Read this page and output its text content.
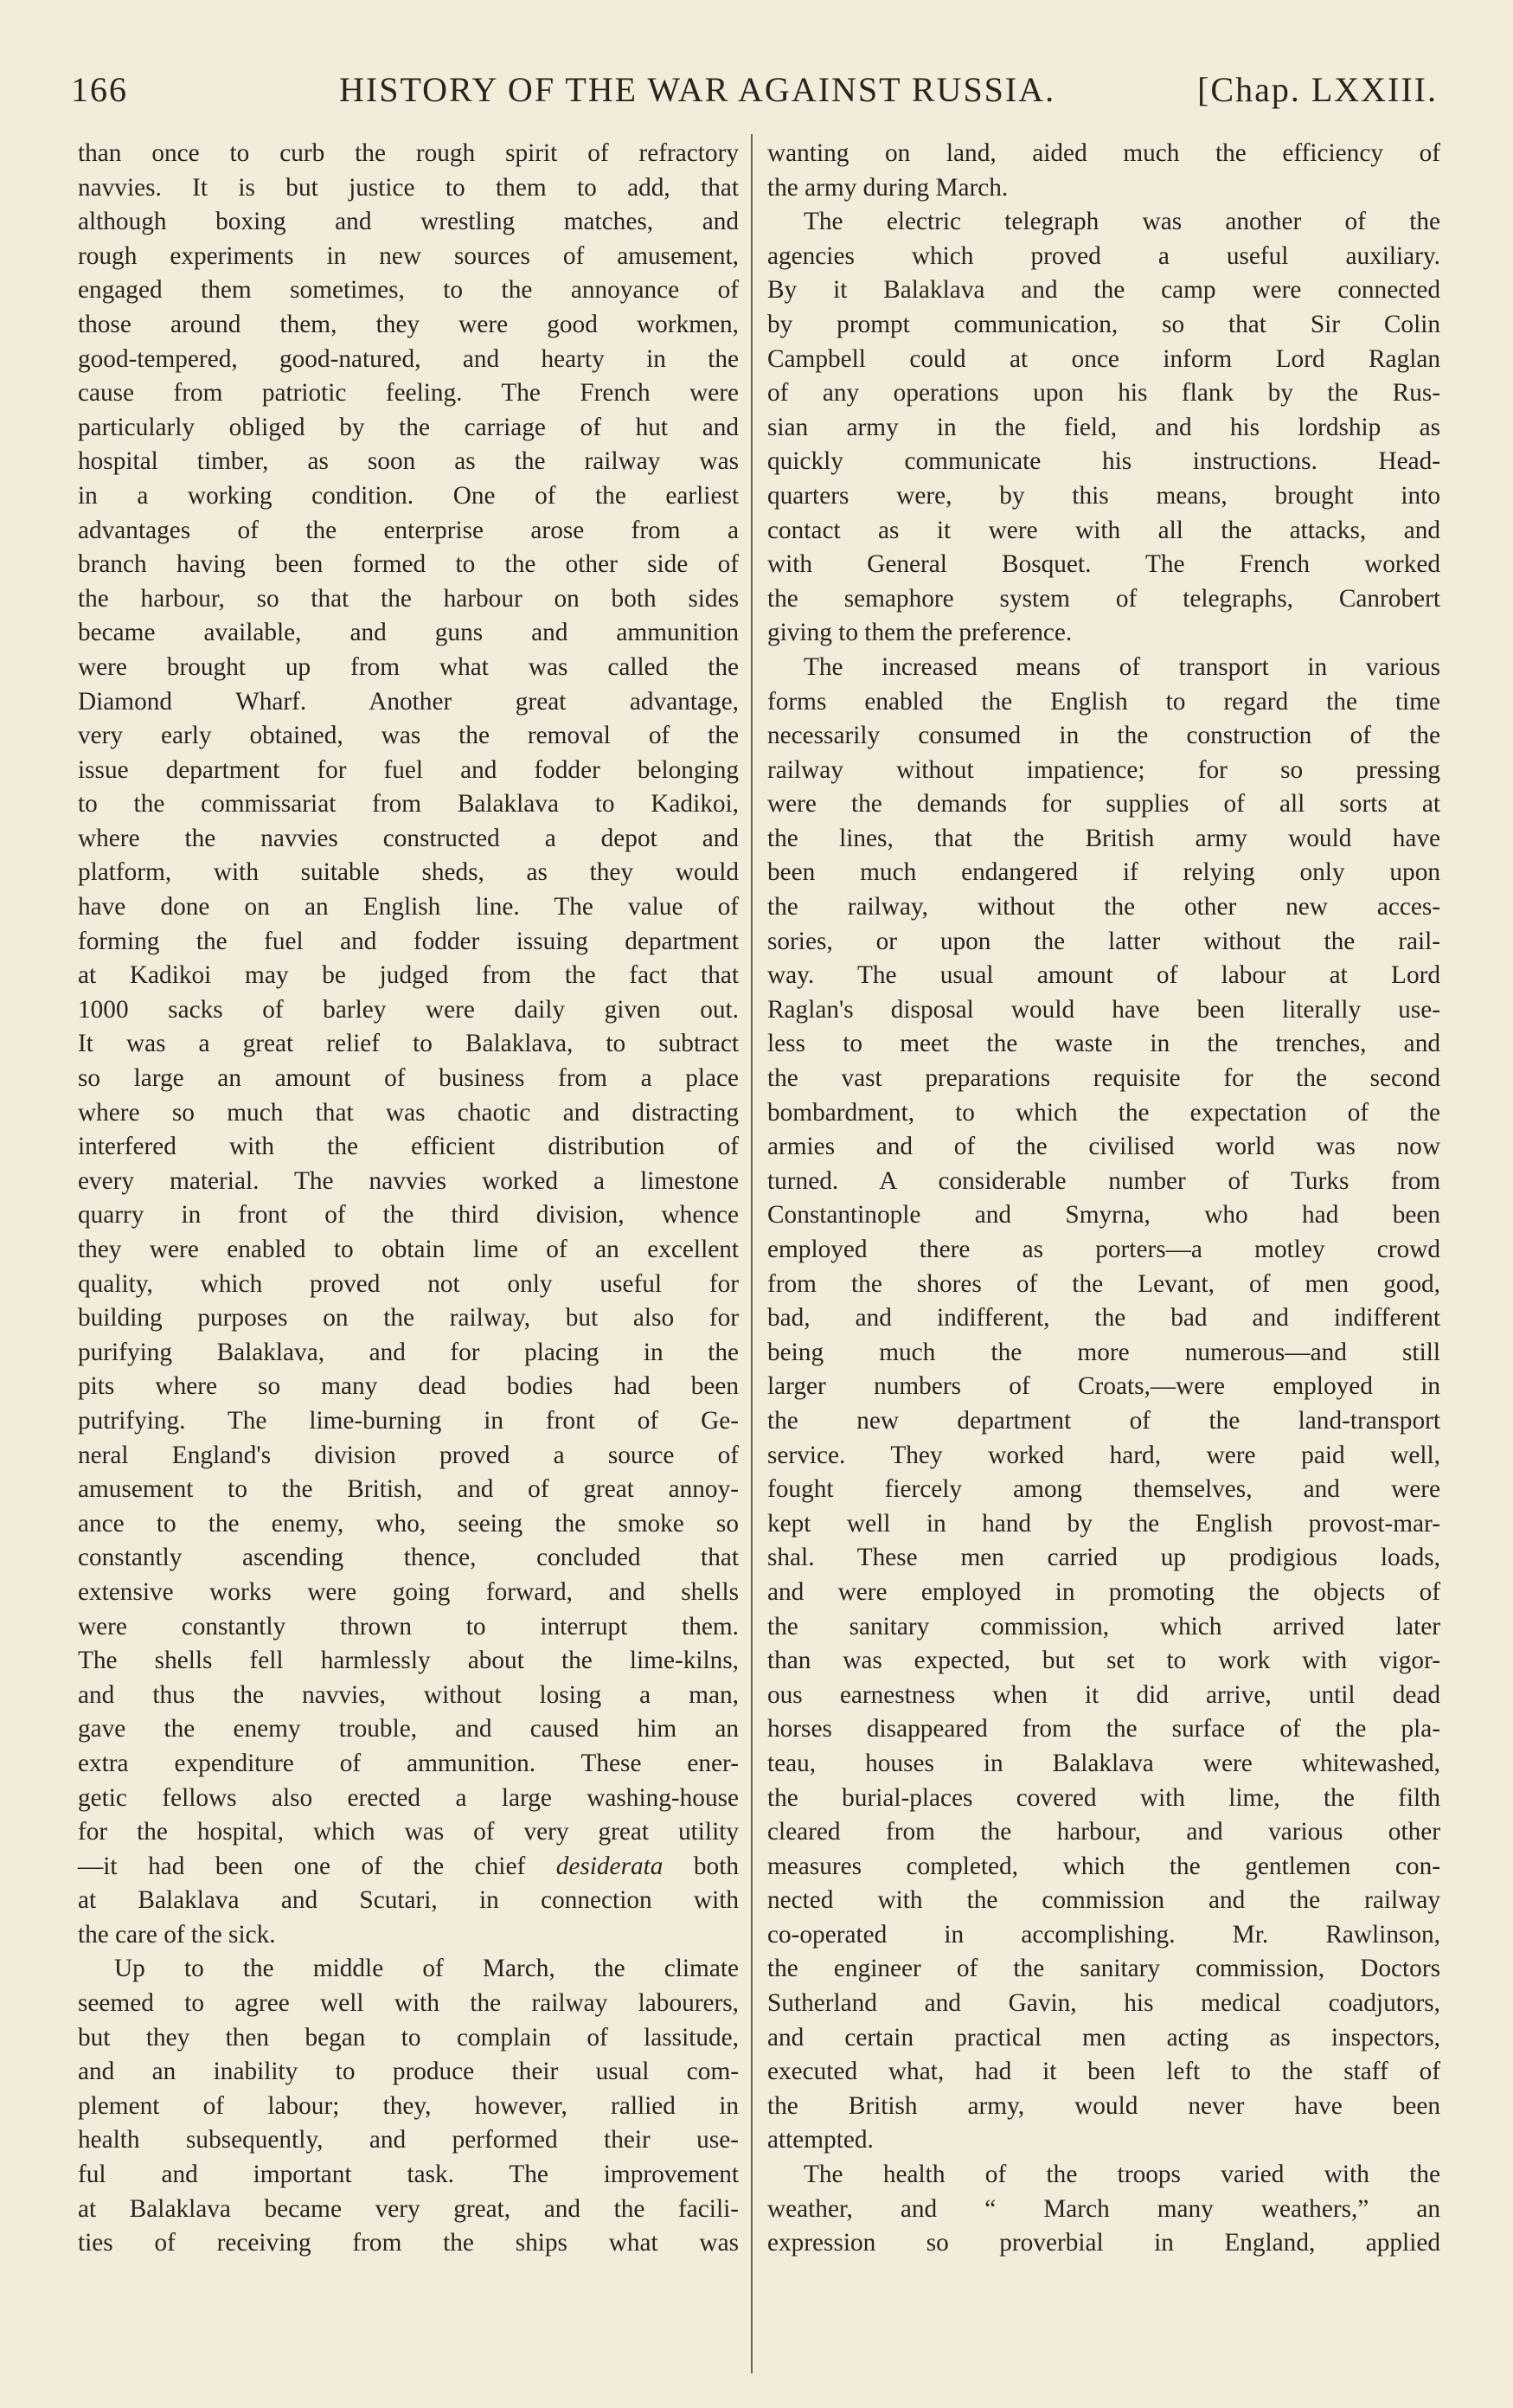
166	HISTORY OF THE WAR AGAINST RUSSIA.	[Chap. LXXIII.
than once to curb the rough spirit of refractory
navvies. It is but justice to them to add, that
although boxing and wrestling matches, and
rough experiments in new sources of amusement,
engaged them sometimes, to the annoyance of
those around them, they were good workmen,
good-tempered, good-natured, and hearty in the
cause from patriotic feeling. The French were
particularly obliged by the carriage of hut and
hospital timber, as soon as the railway was
in a working condition. One of the earliest
advantages of the enterprise arose from a
branch having been formed to the other side of
the harbour, so that the harbour on both sides
became available, and guns and ammunition
were brought up from what was called the
Diamond Wharf. Another great advantage,
very early obtained, was the removal of the
issue department for fuel and fodder belonging
to the commissariat from Balaklava to Kadikoi,
where the navvies constructed a depot and
platform, with suitable sheds, as they would
have done on an English line. The value of
forming the fuel and fodder issuing department
at Kadikoi may be judged from the fact that
1000 sacks of barley were daily given out.
It was a great relief to Balaklava, to subtract
so large an amount of business from a place
where so much that was chaotic and distracting
interfered with the efficient distribution of
every material. The navvies worked a limestone
quarry in front of the third division, whence
they were enabled to obtain lime of an excellent
quality, which proved not only useful for
building purposes on the railway, but also for
purifying Balaklava, and for placing in the
pits where so many dead bodies had been
putrifying. The lime-burning in front of Ge-
neral England's division proved a source of
amusement to the British, and of great annoy-
ance to the enemy, who, seeing the smoke so
constantly ascending thence, concluded that
extensive works were going forward, and shells
were constantly thrown to interrupt them.
The shells fell harmlessly about the lime-kilns,
and thus the navvies, without losing a man,
gave the enemy trouble, and caused him an
extra expenditure of ammunition. These ener-
getic fellows also erected a large washing-house
for the hospital, which was of very great utility
—it had been one of the chief desiderata both
at Balaklava and Scutari, in connection with
the care of the sick.
Up to the middle of March, the climate
seemed to agree well with the railway labourers,
but they then began to complain of lassitude,
and an inability to produce their usual com-
plement of labour; they, however, rallied in
health subsequently, and performed their use-
ful and important task. The improvement
at Balaklava became very great, and the facili-
ties of receiving from the ships what was
wanting on land, aided much the efficiency of
the army during March.
The electric telegraph was another of the
agencies which proved a useful auxiliary.
By it Balaklava and the camp were connected
by prompt communication, so that Sir Colin
Campbell could at once inform Lord Raglan
of any operations upon his flank by the Rus-
sian army in the field, and his lordship as
quickly communicate his instructions. Head-
quarters were, by this means, brought into
contact as it were with all the attacks, and
with General Bosquet. The French worked
the semaphore system of telegraphs, Canrobert
giving to them the preference.
The increased means of transport in various
forms enabled the English to regard the time
necessarily consumed in the construction of the
railway without impatience; for so pressing
were the demands for supplies of all sorts at
the lines, that the British army would have
been much endangered if relying only upon
the railway, without the other new acces-
sories, or upon the latter without the rail-
way. The usual amount of labour at Lord
Raglan's disposal would have been literally use-
less to meet the waste in the trenches, and
the vast preparations requisite for the second
bombardment, to which the expectation of the
armies and of the civilised world was now
turned. A considerable number of Turks from
Constantinople and Smyrna, who had been
employed there as porters—a motley crowd
from the shores of the Levant, of men good,
bad, and indifferent, the bad and indifferent
being much the more numerous—and still
larger numbers of Croats,—were employed in
the new department of the land-transport
service. They worked hard, were paid well,
fought fiercely among themselves, and were
kept well in hand by the English provost-mar-
shal. These men carried up prodigious loads,
and were employed in promoting the objects of
the sanitary commission, which arrived later
than was expected, but set to work with vigor-
ous earnestness when it did arrive, until dead
horses disappeared from the surface of the pla-
teau, houses in Balaklava were whitewashed,
the burial-places covered with lime, the filth
cleared from the harbour, and various other
measures completed, which the gentlemen con-
nected with the commission and the railway
co-operated in accomplishing. Mr. Rawlinson,
the engineer of the sanitary commission, Doctors
Sutherland and Gavin, his medical coadjutors,
and certain practical men acting as inspectors,
executed what, had it been left to the staff of
the British army, would never have been
attempted.
The health of the troops varied with the
weather, and “ March many weathers,” an
expression so proverbial in England, applied
